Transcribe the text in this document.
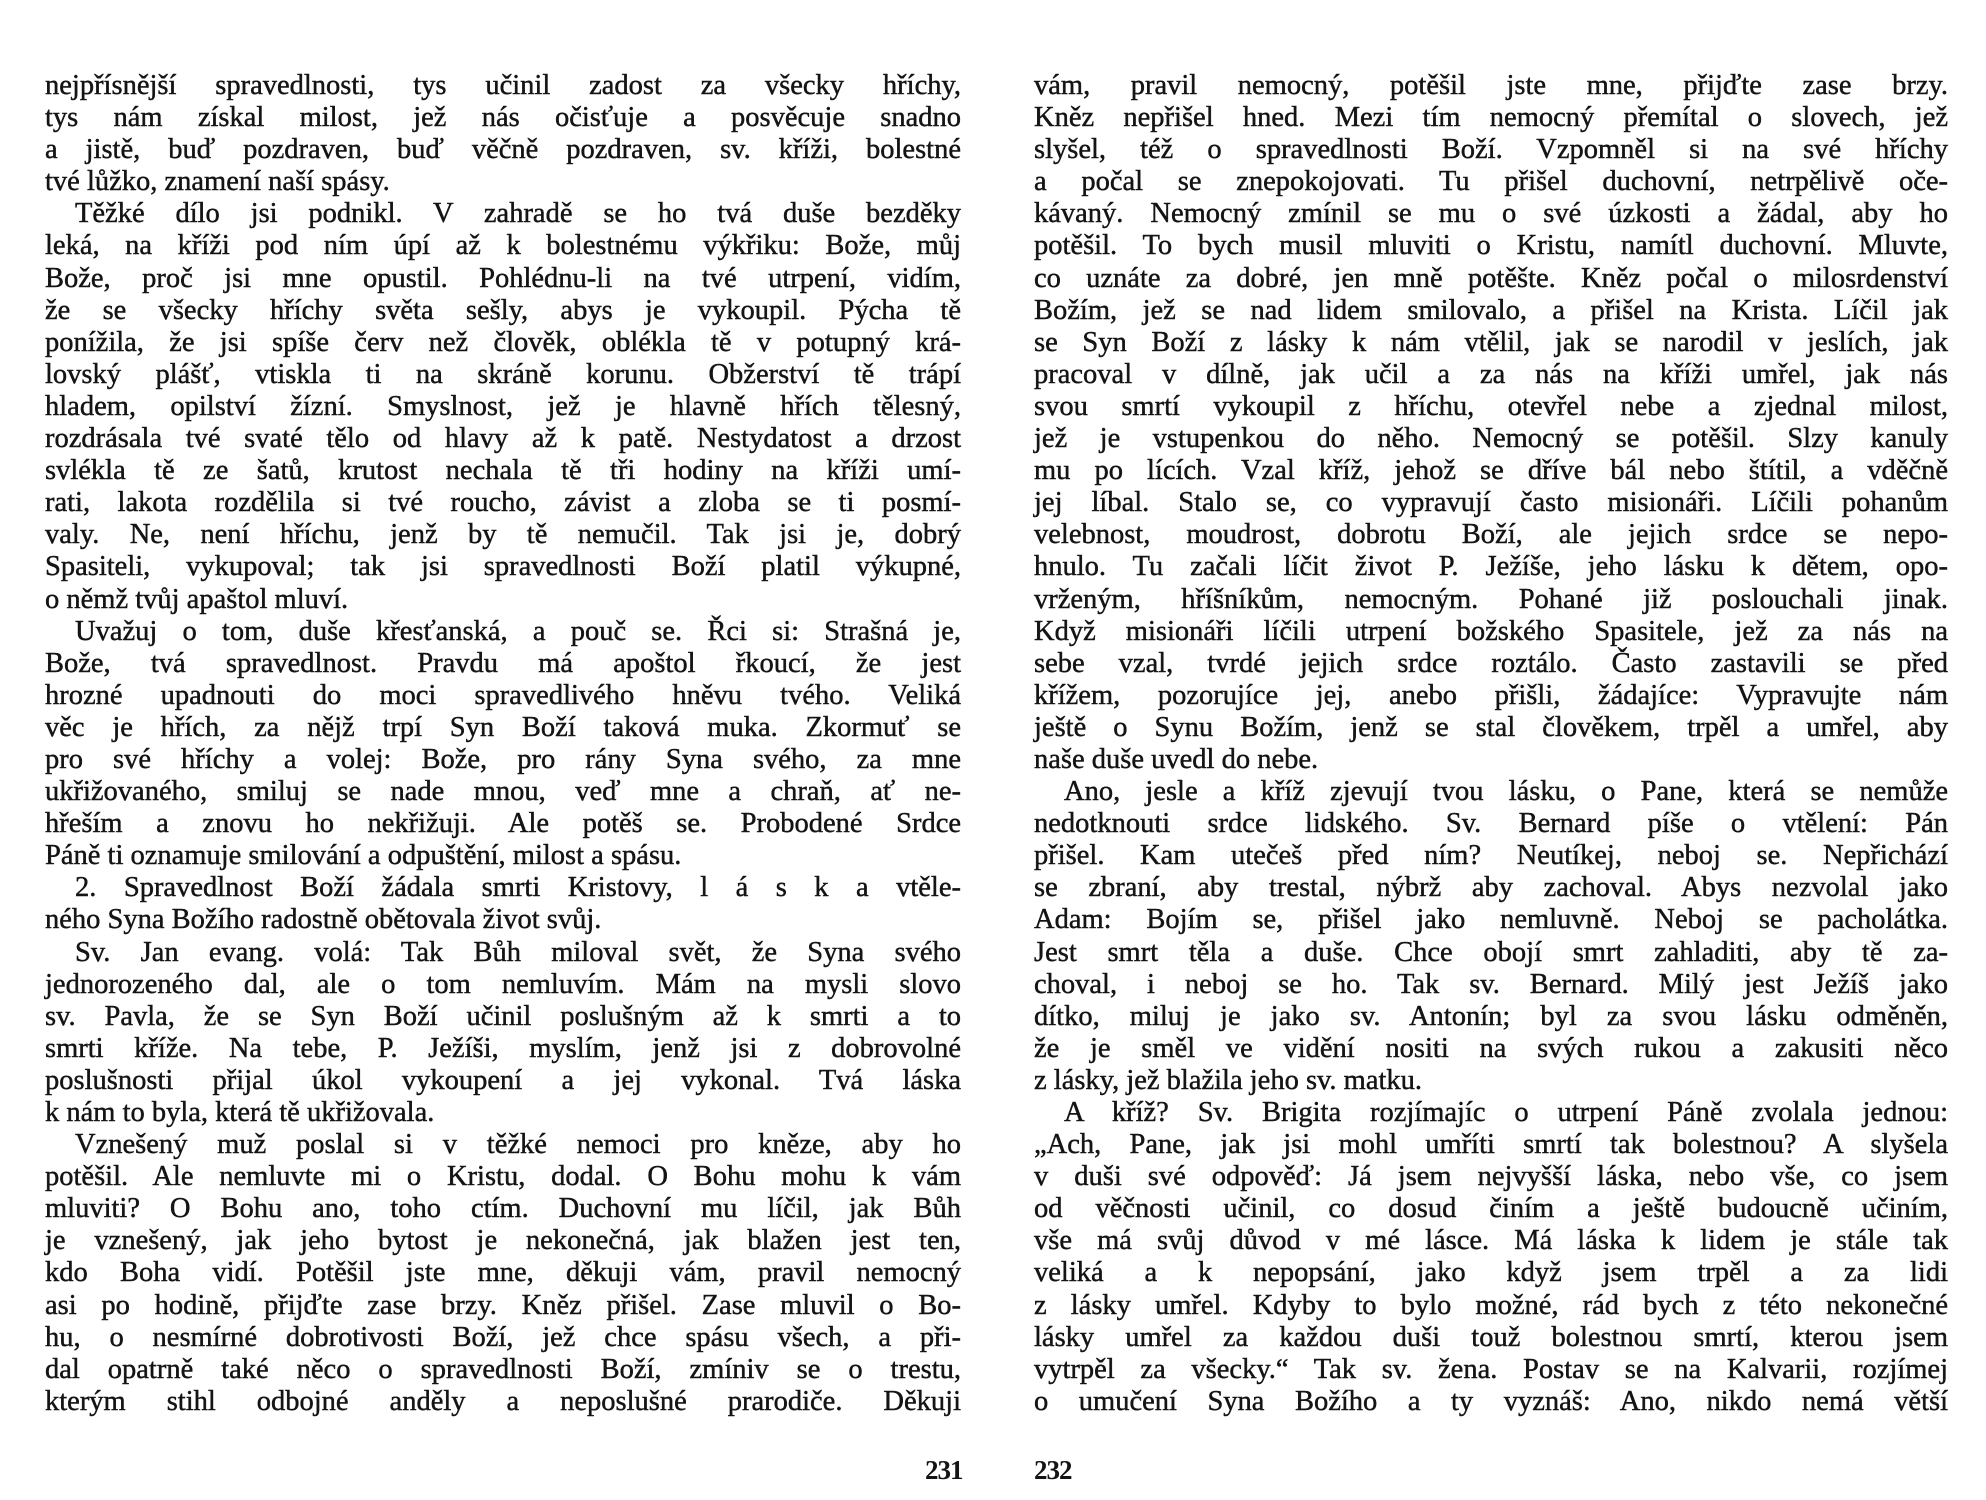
nejpřísnější spravedlnosti, tys učinil zadost za všecky hříchy,
tys nám získal milost, jež nás očisťuje a posvěcuje snadno
a jistě, buď pozdraven, buď věčně pozdraven, sv. kříži, bolestné
tvé lůžko, znamení naší spásy.
Těžké dílo jsi podnikl. V zahradě se ho tvá duše bezděky
leká, na kříži pod ním úpí až k bolestnému výkřiku: Bože, můj
Bože, proč jsi mne opustil. Pohlédnu-li na tvé utrpení, vidím,
že se všecky hříchy světa sešly, abys je vykoupil. Pýcha tě
ponížila, že jsi spíše červ než člověk, oblékla tě v potupný krá-
lovský plášť, vtiskla ti na skráně korunu. Obžerství tě trápí
hladem, opilství žízní. Smyslnost, jež je hlavně hřích tělesný,
rozdrásala tvé svaté tělo od hlavy až k patě. Nestydatost a drzost
svlékla tě ze šatů, krutost nechala tě tři hodiny na kříži umí-
rati, lakota rozdělila si tvé roucho, závist a zloba se ti posmí-
valy. Ne, není hříchu, jenž by tě nemučil. Tak jsi je, dobrý
Spasiteli, vykupoval; tak jsi spravedlnosti Boží platil výkupné,
o němž tvůj apaštol mluví.
Uvažuj o tom, duše křesťanská, a pouč se. Řci si: Strašná je,
Bože, tvá spravedlnost. Pravdu má apoštol řkoucí, že jest
hrozné upadnouti do moci spravedlivého hněvu tvého. Veliká
věc je hřích, za nějž trpí Syn Boží taková muka. Zkormuť se
pro své hříchy a volej: Bože, pro rány Syna svého, za mne
ukřižovaného, smiluj se nade mnou, veď mne a chraň, ať ne-
hřeším a znovu ho nekřižuji. Ale potěš se. Probodené Srdce
Páně ti oznamuje smilování a odpuštění, milost a spásu.
2. Spravedlnost Boží žádala smrti Kristovy, l á s k a vtěle-
ného Syna Božího radostně obětovala život svůj.
Sv. Jan evang. volá: Tak Bůh miloval svět, že Syna svého
jednorozeného dal, ale o tom nemluvím. Mám na mysli slovo
sv. Pavla, že se Syn Boží učinil poslušným až k smrti a to
smrti kříže. Na tebe, P. Ježíši, myslím, jenž jsi z dobrovolné
poslušnosti přijal úkol vykoupení a jej vykonal. Tvá láska
k nám to byla, která tě ukřižovala.
Vznešený muž poslal si v těžké nemoci pro kněze, aby ho
potěšil. Ale nemluvte mi o Kristu, dodal. O Bohu mohu k vám
mluviti? O Bohu ano, toho ctím. Duchovní mu líčil, jak Bůh
je vznešený, jak jeho bytost je nekonečná, jak blažen jest ten,
kdo Boha vidí. Potěšil jste mne, děkuji vám, pravil nemocný
asi po hodině, přijďte zase brzy. Kněz přišel. Zase mluvil o Bo-
hu, o nesmírné dobrotivosti Boží, jež chce spásu všech, a při-
dal opatrně také něco o spravedlnosti Boží, zmíniv se o trestu,
kterým stihl odbojné anděly a neposlušné prarodiče. Děkuji
vám, pravil nemocný, potěšil jste mne, přijďte zase brzy.
Kněz nepřišel hned. Mezi tím nemocný přemítal o slovech, jež
slyšel, též o spravedlnosti Boží. Vzpomněl si na své hříchy
a počal se znepokojovati. Tu přišel duchovní, netrpělivě oče-
kávaný. Nemocný zmínil se mu o své úzkosti a žádal, aby ho
potěšil. To bych musil mluviti o Kristu, namítl duchovní. Mluvte,
co uznáte za dobré, jen mně potěšte. Kněz počal o milosrdenství
Božím, jež se nad lidem smilovalo, a přišel na Krista. Líčil jak
se Syn Boží z lásky k nám vtělil, jak se narodil v jeslích, jak
pracoval v dílně, jak učil a za nás na kříži umřel, jak nás
svou smrtí vykoupil z hříchu, otevřel nebe a zjednal milost,
jež je vstupenkou do něho. Nemocný se potěšil. Slzy kanuly
mu po lících. Vzal kříž, jehož se dříve bál nebo štítil, a vděčně
jej líbal. Stalo se, co vypravují často misionáři. Líčili pohanům
velebnost, moudrost, dobrotu Boží, ale jejich srdce se nepo-
hnulo. Tu začali líčit život P. Ježíše, jeho lásku k dětem, opo-
vrženým, hříšníkům, nemocným. Pohané již poslouchali jinak.
Když misionáři líčili utrpení božského Spasitele, jež za nás na
sebe vzal, tvrdé jejich srdce roztálo. Často zastavili se před
křížem, pozorujíce jej, anebo přišli, žádajíce: Vypravujte nám
ještě o Synu Božím, jenž se stal člověkem, trpěl a umřel, aby
naše duše uvedl do nebe.
Ano, jesle a kříž zjevují tvou lásku, o Pane, která se nemůže
nedotknouti srdce lidského. Sv. Bernard píše o vtělení: Pán
přišel. Kam utečeš před ním? Neutíkej, neboj se. Nepřichází
se zbraní, aby trestal, nýbrž aby zachoval. Abys nezvolal jako
Adam: Bojím se, přišel jako nemluvně. Neboj se pacholátka.
Jest smrt těla a duše. Chce obojí smrt zahladiti, aby tě za-
choval, i neboj se ho. Tak sv. Bernard. Milý jest Ježíš jako
dítko, miluj je jako sv. Antonín; byl za svou lásku odměněn,
že je směl ve vidění nositi na svých rukou a zakusiti něco
z lásky, jež blažila jeho sv. matku.
A kříž? Sv. Brigita rozjímajíc o utrpení Páně zvolala jednou:
„Ach, Pane, jak jsi mohl umříti smrtí tak bolestnou? A slyšela
v duši své odpověď: Já jsem nejvyšší láska, nebo vše, co jsem
od věčnosti učinil, co dosud činím a ještě budoucně učiním,
vše má svůj důvod v mé lásce. Má láska k lidem je stále tak
veliká a k nepopsání, jako když jsem trpěl a za lidi
z lásky umřel. Kdyby to bylo možné, rád bych z této nekonečné
lásky umřel za každou duši touž bolestnou smrtí, kterou jsem
vytrpěl za všecky.“ Tak sv. žena. Postav se na Kalvarii, rozjímej
o umučení Syna Božího a ty vyznáš: Ano, nikdo nemá větší
231	232
